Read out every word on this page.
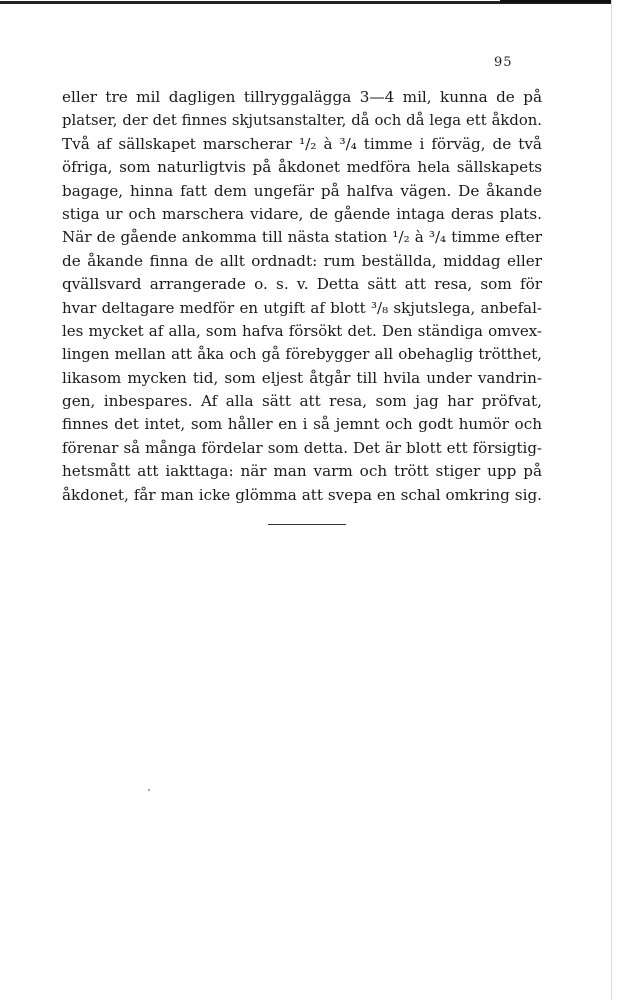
95
eller tre mil dagligen tillryggalägga 3—4 mil, kunna de på
platser, der det finnes skjutsanstalter, då och då lega ett åkdon.
Två af sällskapet marscherar ¹/₂ à ³/₄ timme i förväg, de två
öfriga, som naturligtvis på åkdonet medföra hela sällskapets
bagage, hinna fatt dem ungefär på halfva vägen. De åkande
stiga ur och marschera vidare, de gående intaga deras plats.
När de gående ankomma till nästa station ¹/₂ à ³/₄ timme efter
de åkande finna de allt ordnadt: rum beställda, middag eller
qvällsvard arrangerade o. s. v. Detta sätt att resa, som för
hvar deltagare medför en utgift af blott ³/₈ skjutslega, anbefal-
les mycket af alla, som hafva försökt det. Den ständiga omvex-
lingen mellan att åka och gå förebygger all obehaglig trötthet,
likasom mycken tid, som eljest åtgår till hvila under vandrin-
gen, inbespares. Af alla sätt att resa, som jag har pröfvat,
finnes det intet, som håller en i så jemnt och godt humör och
förenar så många fördelar som detta. Det är blott ett försigtig-
hetsmått att iakttaga: när man varm och trött stiger upp på
åkdonet, får man icke glömma att svepa en schal omkring sig.
